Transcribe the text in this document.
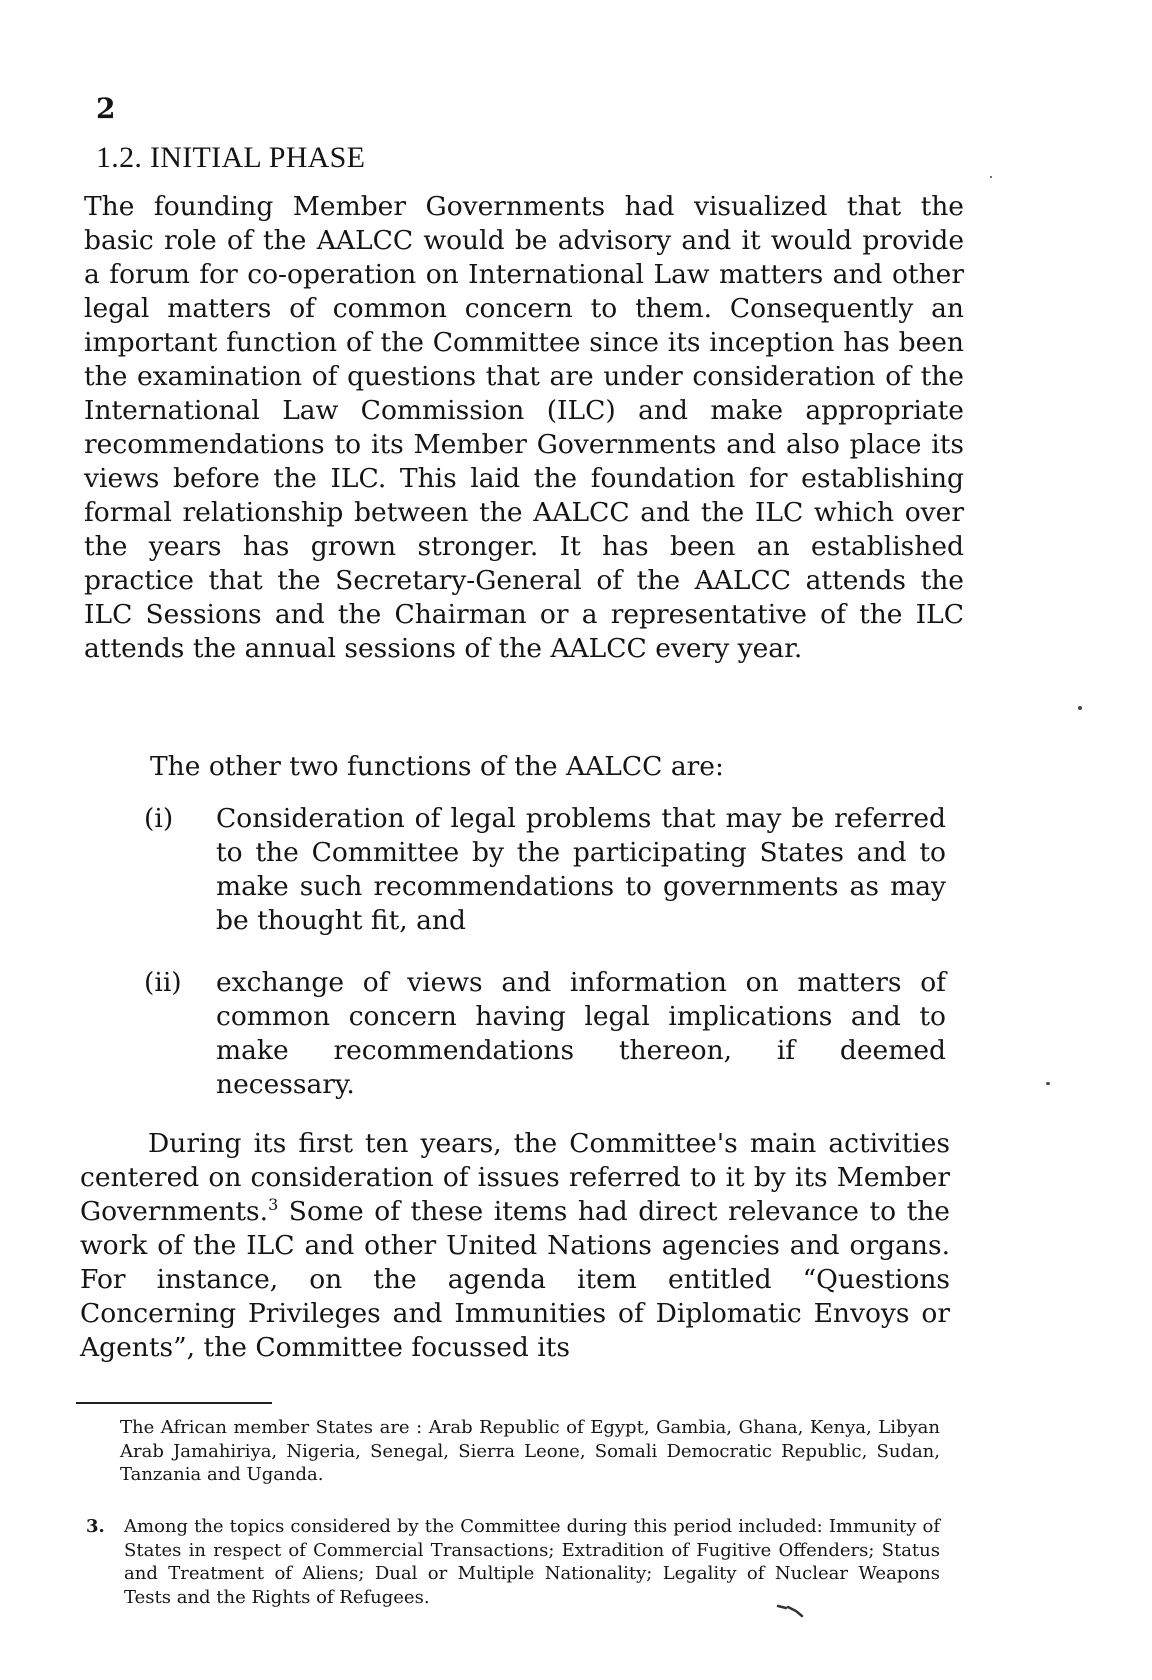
2
1.2. INITIAL PHASE

The founding Member Governments had visualized that the basic role of the AALCC would be advisory and it would provide a forum for co-operation on International Law matters and other legal matters of common concern to them. Consequently an important function of the Committee since its inception has been the examination of questions that are under consideration of the International Law Commission (ILC) and make appropriate recommendations to its Member Governments and also place its views before the ILC. This laid the foundation for establishing formal relationship between the AALCC and the ILC which over the years has grown stronger. It has been an established practice that the Secretary-General of the AALCC attends the ILC Sessions and the Chairman or a representative of the ILC attends the annual sessions of the AALCC every year.

The other two functions of the AALCC are:

(i)	Consideration of legal problems that may be referred to the Committee by the participating States and to make such recommendations to governments as may be thought fit, and
(ii)	exchange of views and information on matters of common concern having legal implications and to make recommendations thereon, if deemed necessary.

During its first ten years, the Committee's main activities centered on consideration of issues referred to it by its Member Governments.$^3$ Some of these items had direct relevance to the work of the ILC and other United Nations agencies and organs. For instance, on the agenda item entitled “Questions Concerning Privileges and Immunities of Diplomatic Envoys or Agents”, the Committee focussed its

The African member States are : Arab Republic of Egypt, Gambia, Ghana, Kenya, Libyan Arab Jamahiriya, Nigeria, Senegal, Sierra Leone, Somali Democratic Republic, Sudan, Tanzania and Uganda.
3. Among the topics considered by the Committee during this period included: Immunity of States in respect of Commercial Transactions; Extradition of Fugitive Offenders; Status and Treatment of Aliens; Dual or Multiple Nationality; Legality of Nuclear Weapons Tests and the Rights of Refugees.
